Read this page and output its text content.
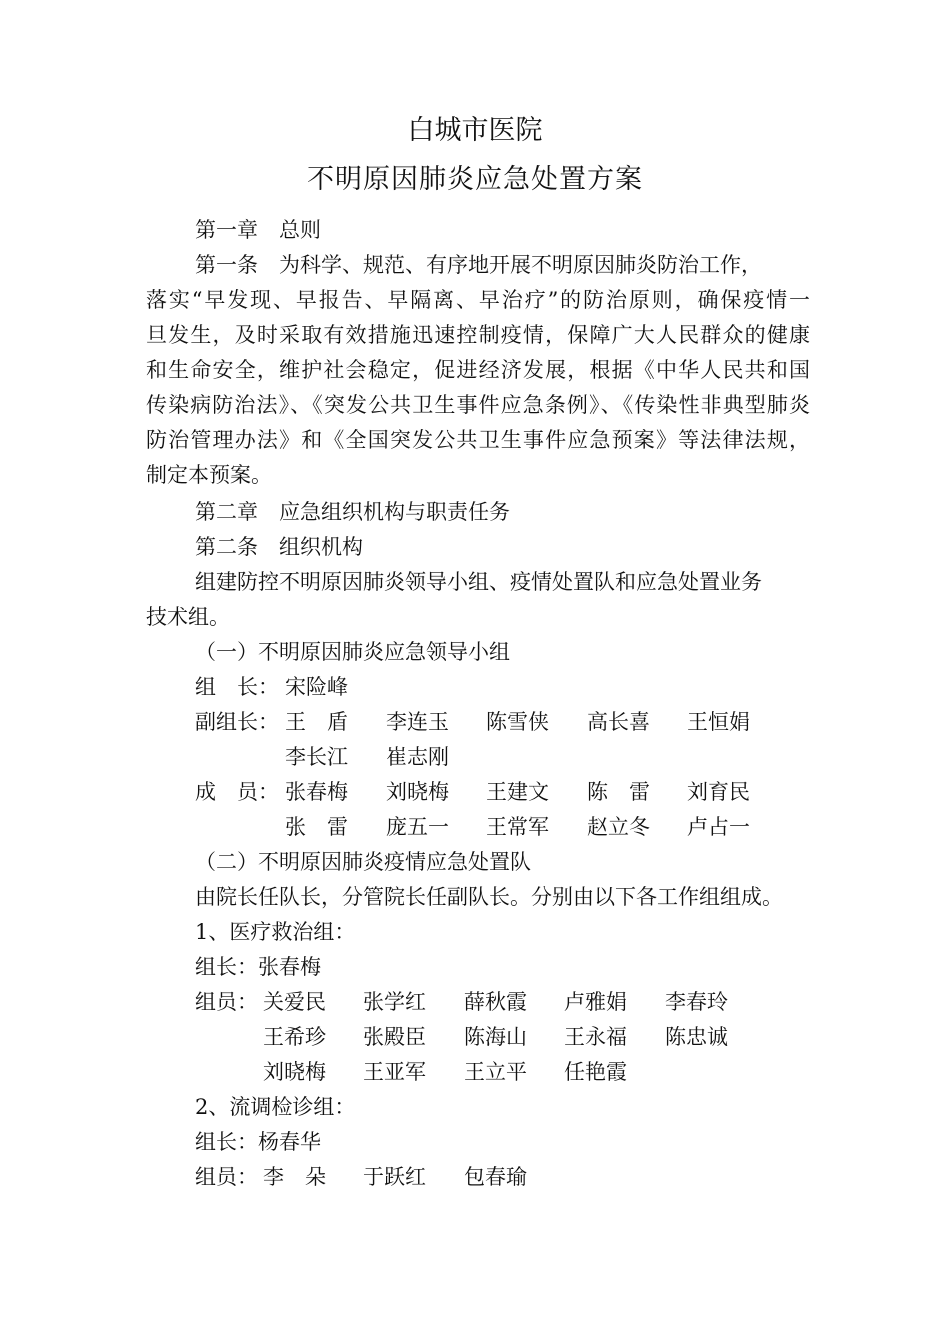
白城市医院
不明原因肺炎应急处置方案
第一章　总则
第一条　为科学、规范、有序地开展不明原因肺炎防治工作，
落实“早发现、早报告、早隔离、早治疗”的防治原则，确保疫情一
旦发生，及时采取有效措施迅速控制疫情，保障广大人民群众的健康
和生命安全，维护社会稳定，促进经济发展，根据《中华人民共和国
传染病防治法》、《突发公共卫生事件应急条例》、《传染性非典型肺炎
防治管理办法》和《全国突发公共卫生事件应急预案》等法律法规，
制定本预案。
第二章　应急组织机构与职责任务
第二条　组织机构
组建防控不明原因肺炎领导小组、疫情处置队和应急处置业务
技术组。
（一）不明原因肺炎应急领导小组
组　长： 宋险峰
副组长： 王　盾 李连玉 陈雪侠 高长喜 王恒娟
李长江 崔志刚
成　员： 张春梅 刘晓梅 王建文 陈　雷 刘育民
张　雷 庞五一 王常军 赵立冬 卢占一
（二）不明原因肺炎疫情应急处置队
由院长任队长，分管院长任副队长。分别由以下各工作组组成。
1、医疗救治组：
组长：张春梅
组员： 关爱民 张学红 薛秋霞 卢雅娟 李春玲
王希珍 张殿臣 陈海山 王永福 陈忠诚
刘晓梅 王亚军 王立平 任艳霞
2、流调检诊组：
组长：杨春华
组员： 李　朵 于跃红 包春瑜
